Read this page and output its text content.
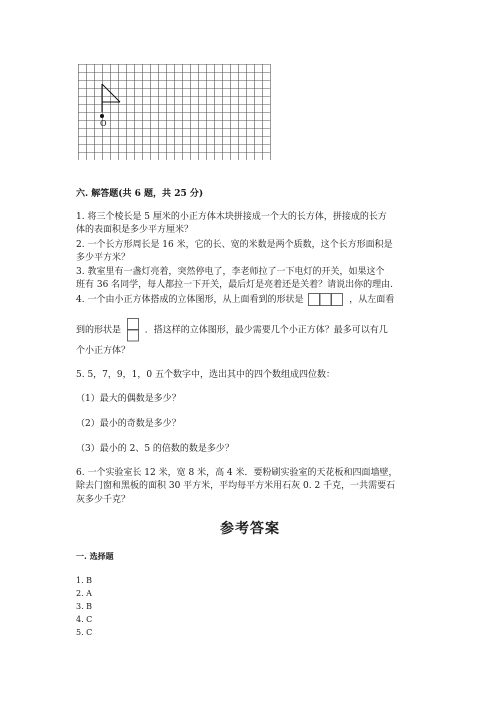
O
六. 解答题(共 6 题，共 25 分)
1. 将三个棱长是 5 厘米的小正方体木块拼接成一个大的长方体，拼接成的长方
体的表面积是多少平方厘米？
2. 一个长方形周长是 16 米，它的长、宽的米数是两个质数，这个长方形面积是
多少平方米？
3. 教室里有一盏灯亮着，突然停电了，李老师拉了一下电灯的开关，如果这个
班有 36 名同学，每人都拉一下开关，最后灯是亮着还是关着？请说出你的理由.
4. 一个由小正方体搭成的立体图形，从上面看到的形状是	，从左面看
到的形状是	．搭这样的立体图形，最少需要几个小正方体？最多可以有几
个小正方体？
5. 5，7，9，1，0 五个数字中，选出其中的四个数组成四位数：
（1）最大的偶数是多少？
（2）最小的奇数是多少？
（3）最小的 2、5 的倍数的数是多少？
6. 一个实验室长 12 米，宽 8 米，高 4 米．要粉刷实验室的天花板和四面墙壁，
除去门窗和黑板的面积 30 平方米，平均每平方米用石灰 0. 2 千克，一共需要石
灰多少千克？
参考答案
一. 选择题
1. B
2. A
3. B
4. C
5. C
